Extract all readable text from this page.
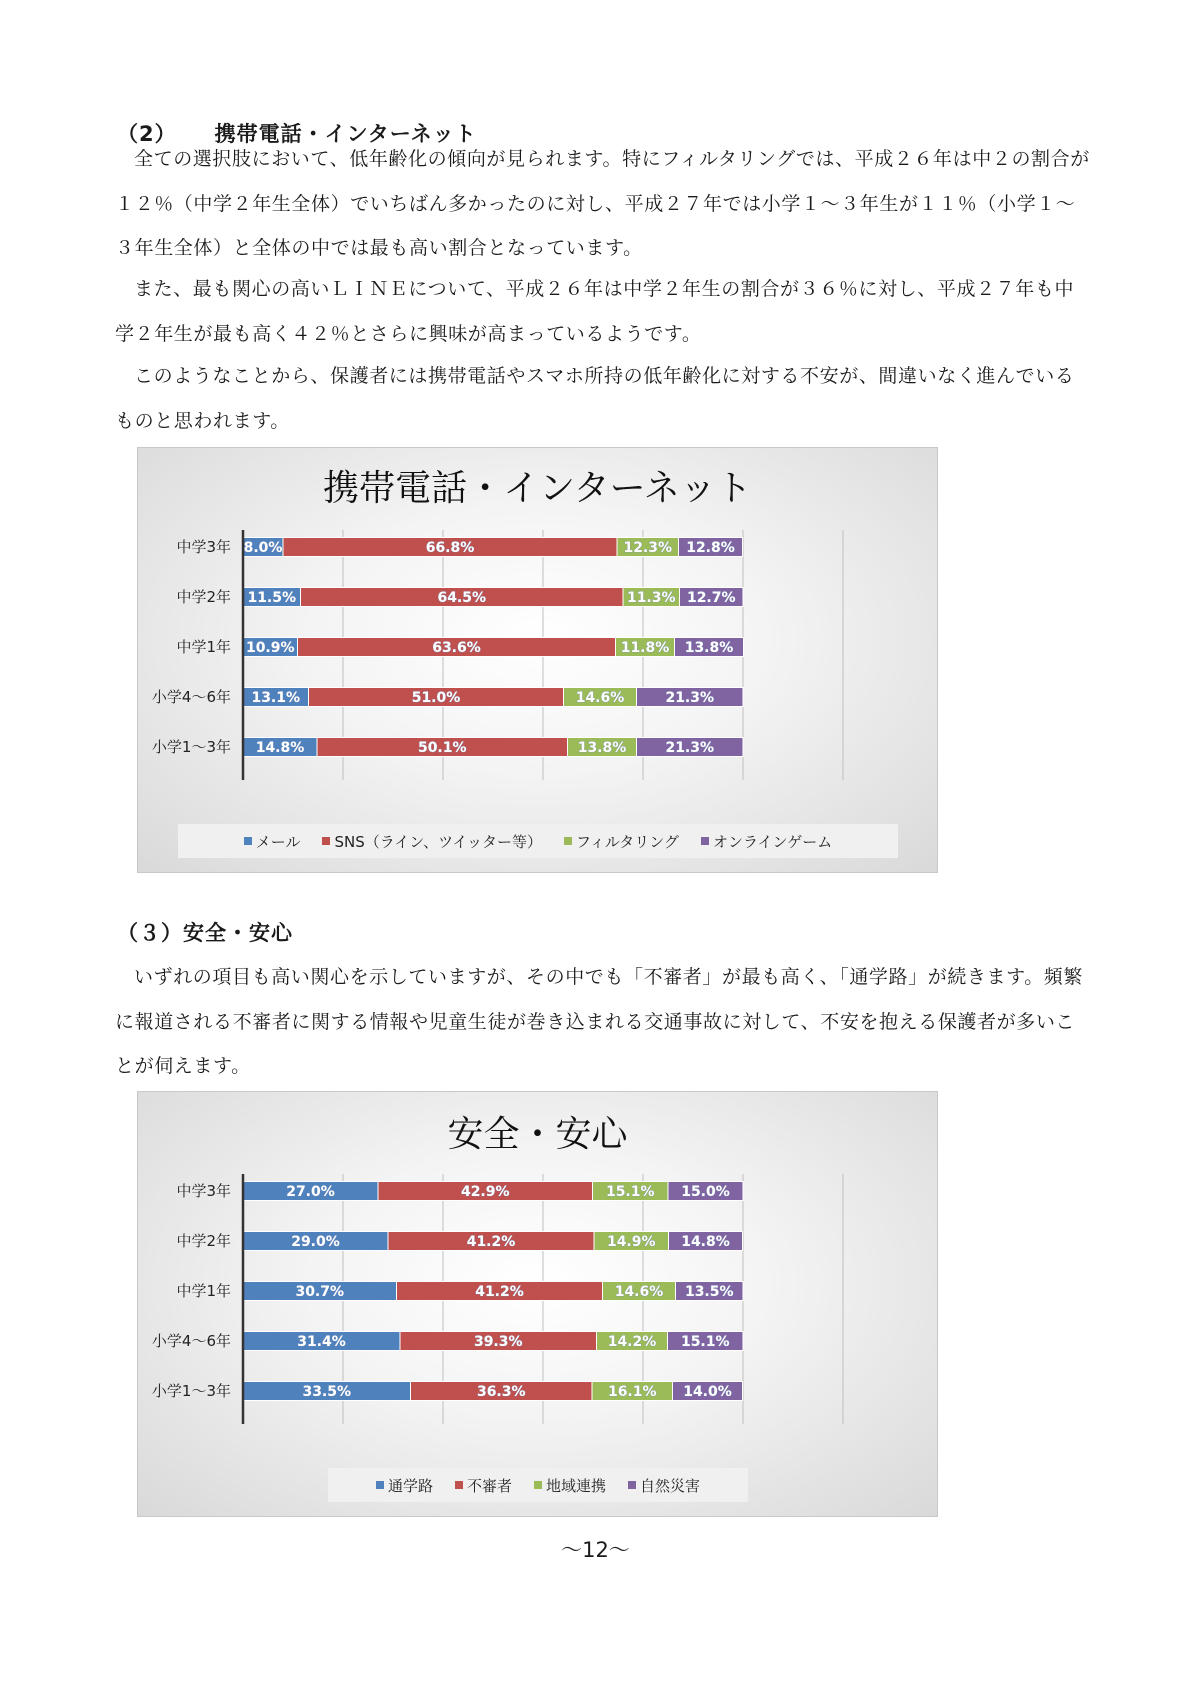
（2） 携帯電話・インターネット
全ての選択肢において、低年齢化の傾向が見られます。特にフィルタリングでは、平成２６年は中２の割合が１２％（中学２年生全体）でいちばん多かったのに対し、平成２７年では小学１～３年生が１１％（小学１～３年生全体）と全体の中では最も高い割合となっています。
また、最も関心の高いＬＩＮＥについて、平成２６年は中学２年生の割合が３６％に対し、平成２７年も中学２年生が最も高く４２％とさらに興味が高まっているようです。
このようなことから、保護者には携帯電話やスマホ所持の低年齢化に対する不安が、間違いなく進んでいるものと思われます。
携帯電話・インターネット
8.0%	66.8%	12.3% 12.8%
中学3年
11.5%	64.5%	11.3% 12.7%
中学2年
10.9%	63.6%	11.8% 13.8%
中学1年
13.1%	51.0%	14.6%	21.3%
小学4～6年
14.8%	50.1%	13.8%	21.3%
小学1～3年
メール SNS（ライン、ツイッター等） フィルタリング オンラインゲーム
（３）安全・安心
いずれの項目も高い関心を示していますが、その中でも「不審者」が最も高く、「通学路」が続きます。頻繁に報道される不審者に関する情報や児童生徒が巻き込まれる交通事故に対して、不安を抱える保護者が多いことが伺えます。
安全・安心
27.0%	42.9%	15.1% 15.0%
中学3年
29.0%	41.2%	14.9% 14.8%
中学2年
30.7%	41.2%	14.6% 13.5%
中学1年
31.4%	39.3%	14.2% 15.1%
小学4～6年
33.5%	36.3%	16.1% 14.0%
小学1～3年
通学路 不審者 地域連携 自然災害
～12～
